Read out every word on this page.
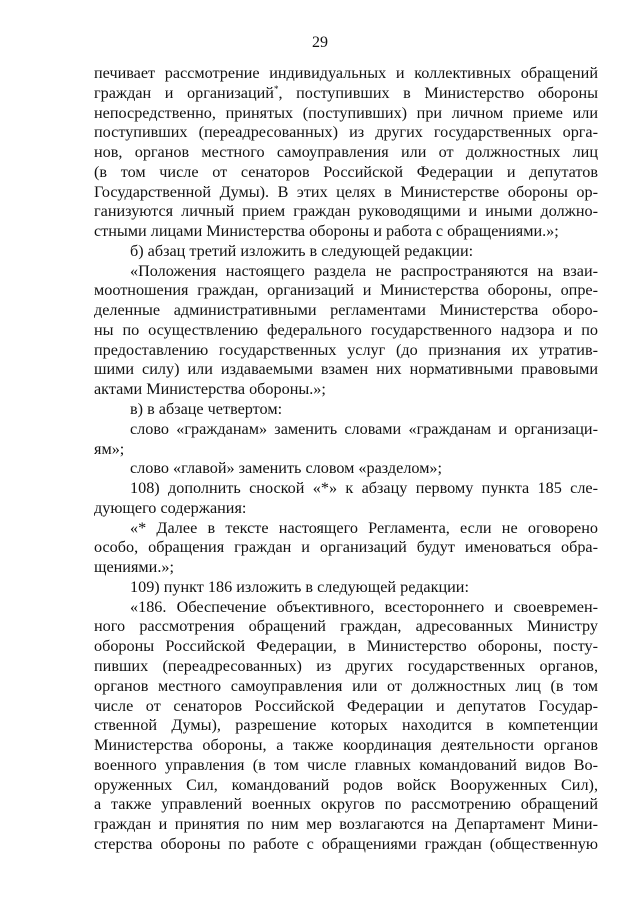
29
печивает рассмотрение индивидуальных и коллективных обращений
граждан и организаций*, поступивших в Министерство обороны
непосредственно, принятых (поступивших) при личном приеме или
поступивших (переадресованных) из других государственных орга-
нов, органов местного самоуправления или от должностных лиц
(в том числе от сенаторов Российской Федерации и депутатов
Государственной Думы). В этих целях в Министерстве обороны ор-
ганизуются личный прием граждан руководящими и иными должно-
стными лицами Министерства обороны и работа с обращениями.»;
б) абзац третий изложить в следующей редакции:
«Положения настоящего раздела не распространяются на взаи-
моотношения граждан, организаций и Министерства обороны, опре-
деленные административными регламентами Министерства оборо-
ны по осуществлению федерального государственного надзора и по
предоставлению государственных услуг (до признания их утратив-
шими силу) или издаваемыми взамен них нормативными правовыми
актами Министерства обороны.»;
в) в абзаце четвертом:
слово «гражданам» заменить словами «гражданам и организаци-
ям»;
слово «главой» заменить словом «разделом»;
108) дополнить сноской «*» к абзацу первому пункта 185 сле-
дующего содержания:
«* Далее в тексте настоящего Регламента, если не оговорено
особо, обращения граждан и организаций будут именоваться обра-
щениями.»;
109) пункт 186 изложить в следующей редакции:
«186. Обеспечение объективного, всестороннего и своевремен-
ного рассмотрения обращений граждан, адресованных Министру
обороны Российской Федерации, в Министерство обороны, посту-
пивших (переадресованных) из других государственных органов,
органов местного самоуправления или от должностных лиц (в том
числе от сенаторов Российской Федерации и депутатов Государ-
ственной Думы), разрешение которых находится в компетенции
Министерства обороны, а также координация деятельности органов
военного управления (в том числе главных командований видов Во-
оруженных Сил, командований родов войск Вооруженных Сил),
а также управлений военных округов по рассмотрению обращений
граждан и принятия по ним мер возлагаются на Департамент Мини-
стерства обороны по работе с обращениями граждан (общественную
